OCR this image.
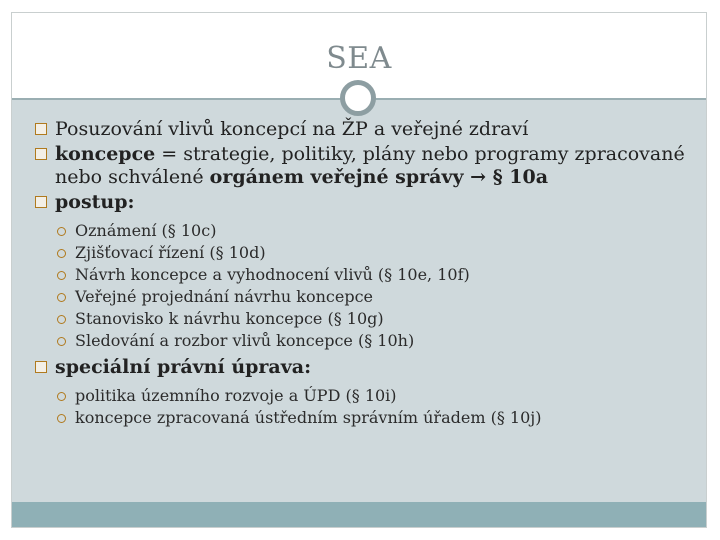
SEA
Posuzování vlivů koncepcí na ŽP a veřejné zdraví
koncepce = strategie, politiky, plány nebo programy zpracované nebo schválené orgánem veřejné správy → § 10a
postup:
Oznámení (§ 10c)
Zjišťovací řízení (§ 10d)
Návrh koncepce a vyhodnocení vlivů (§ 10e, 10f)
Veřejné projednání návrhu koncepce
Stanovisko k návrhu koncepce (§ 10g)
Sledování a rozbor vlivů koncepce (§ 10h)
speciální právní úprava:
politika územního rozvoje a ÚPD (§ 10i)
koncepce zpracovaná ústředním správním úřadem (§ 10j)
